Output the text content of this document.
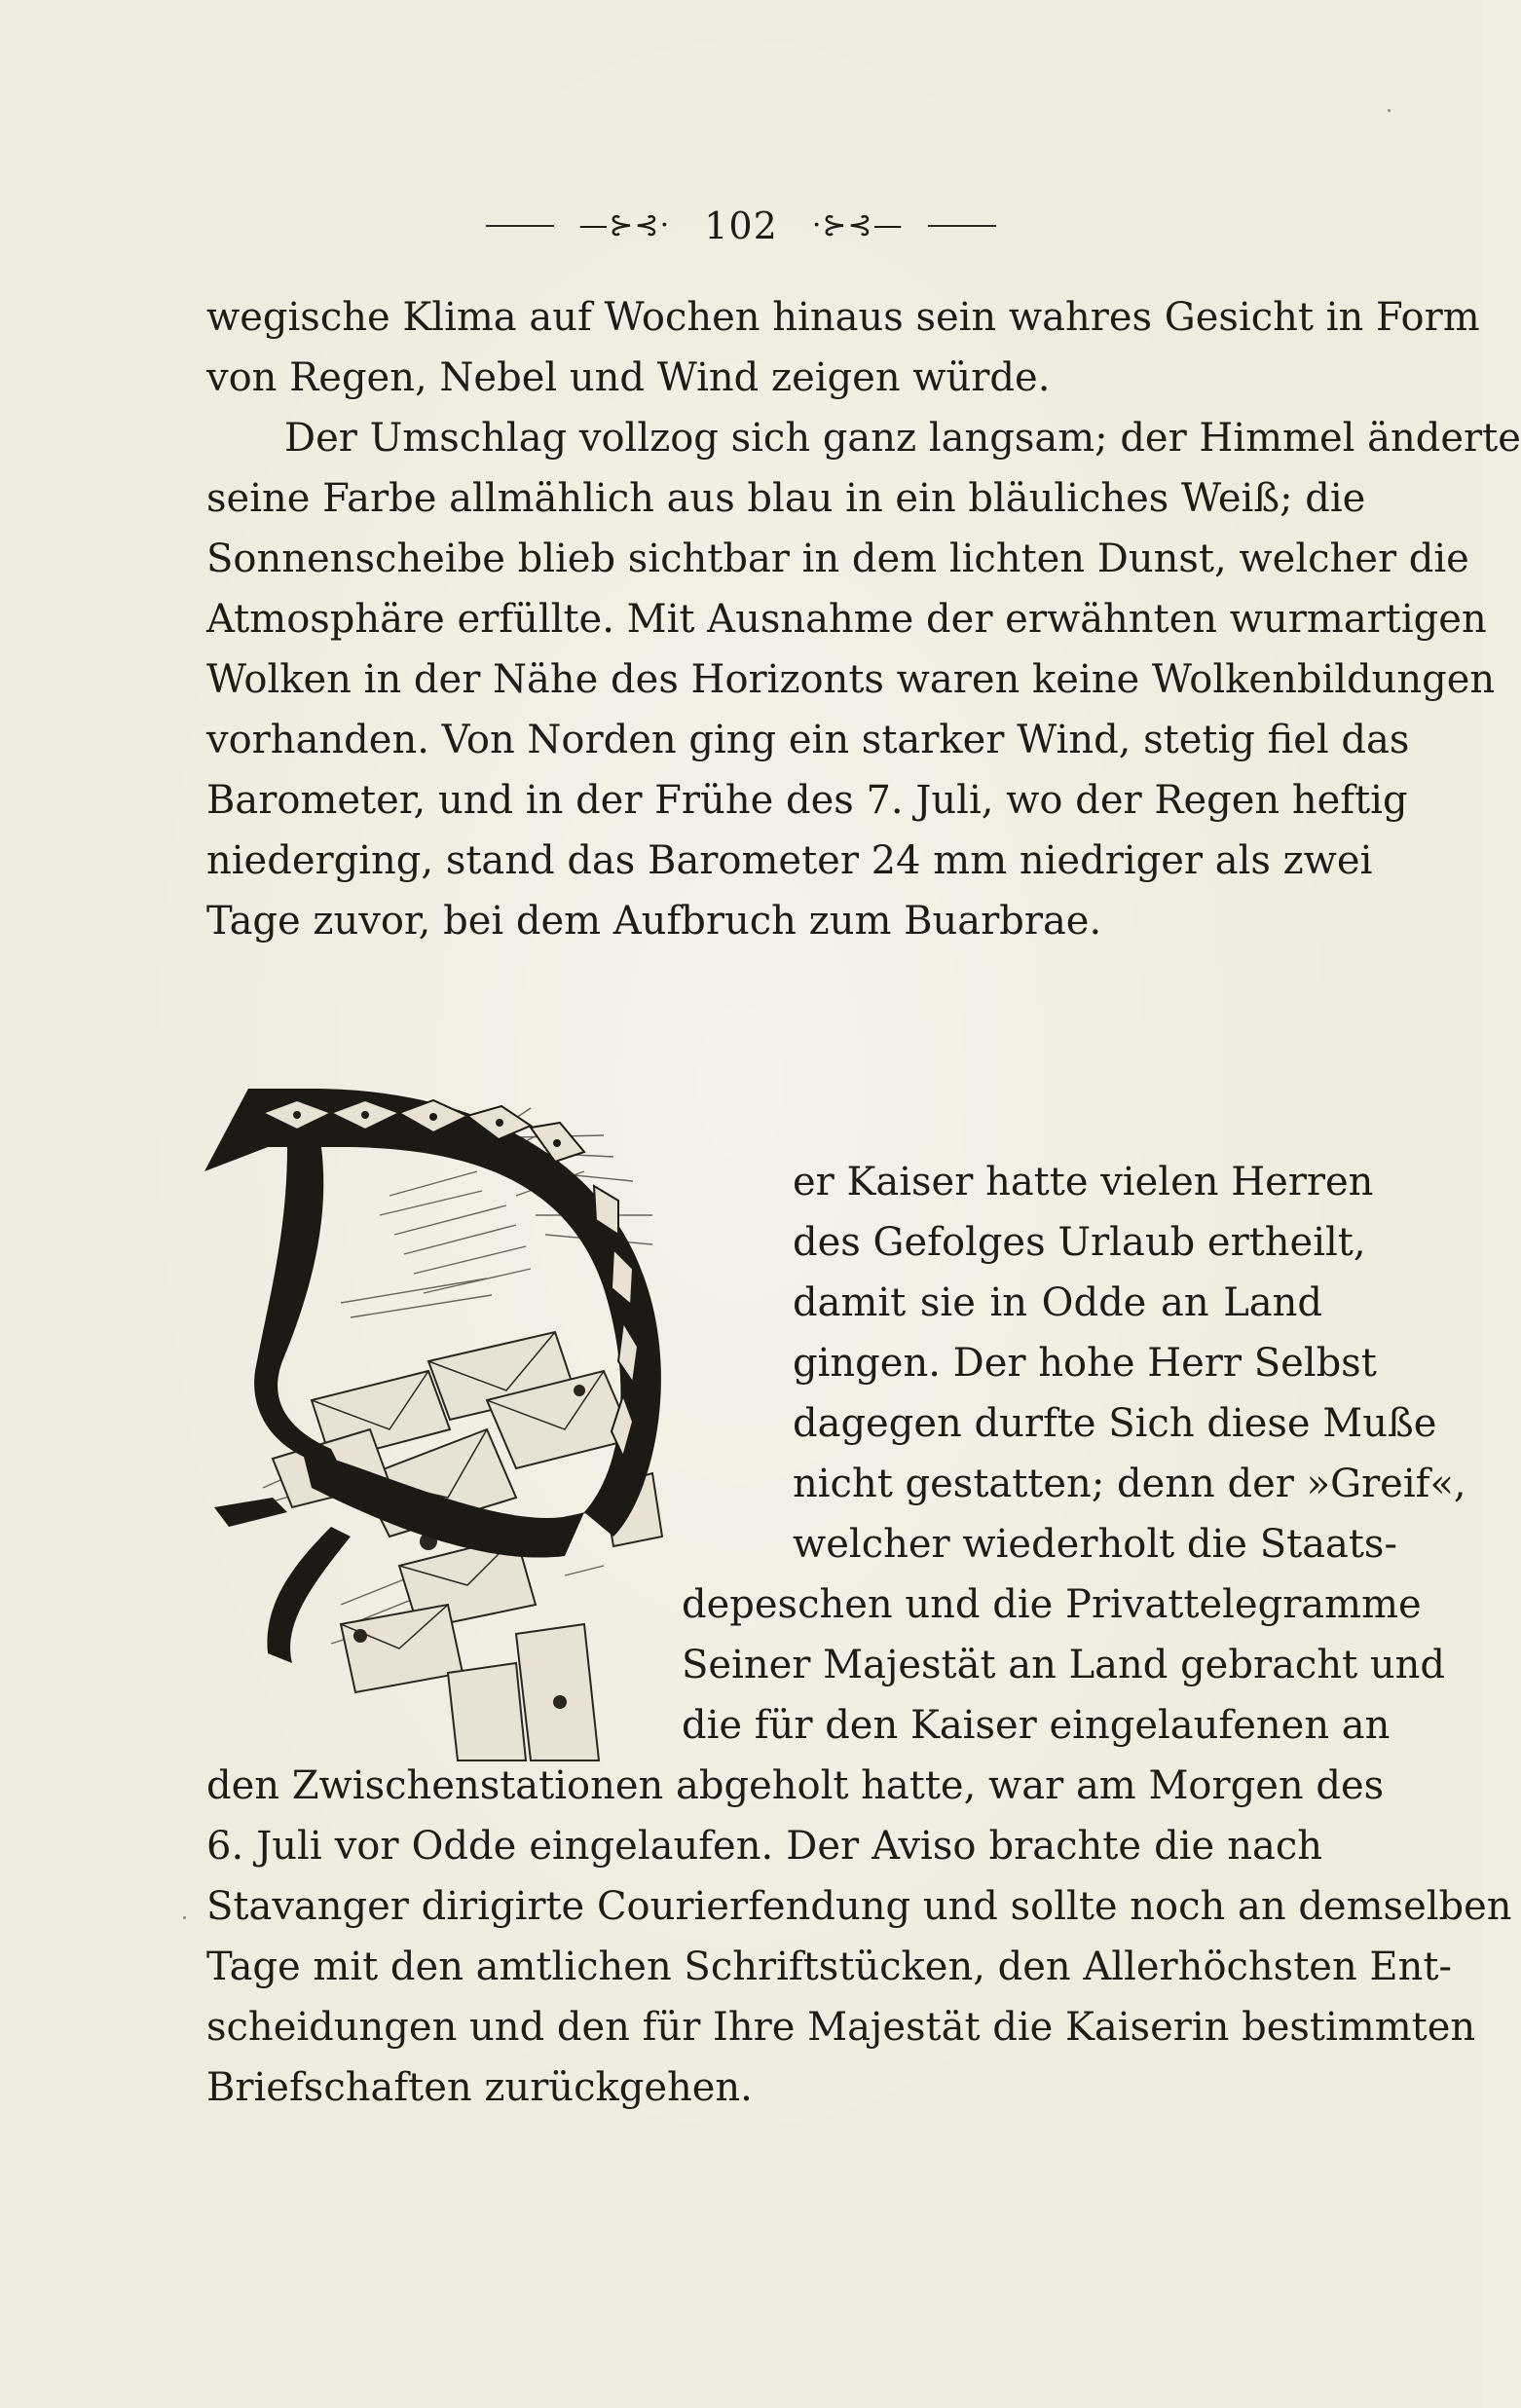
—⊱⊰· 102 ·⊱⊰—
wegische Klima auf Wochen hinaus sein wahres Gesicht in Form
von Regen, Nebel und Wind zeigen würde.
Der Umschlag vollzog sich ganz langsam; der Himmel änderte
seine Farbe allmählich aus blau in ein bläuliches Weiß; die
Sonnenscheibe blieb sichtbar in dem lichten Dunst, welcher die
Atmosphäre erfüllte. Mit Ausnahme der erwähnten wurmartigen
Wolken in der Nähe des Horizonts waren keine Wolkenbildungen
vorhanden. Von Norden ging ein starker Wind, stetig fiel das
Barometer, und in der Frühe des 7. Juli, wo der Regen heftig
niederging, stand das Barometer 24 mm niedriger als zwei
Tage zuvor, bei dem Aufbruch zum Buarbrae.
er Kaiser hatte vielen Herren
des Gefolges Urlaub ertheilt,
damit sie in Odde an Land
gingen. Der hohe Herr Selbst
dagegen durfte Sich diese Muße
nicht gestatten; denn der »Greif«,
welcher wiederholt die Staats-
depeschen und die Privattelegramme
Seiner Majestät an Land gebracht und
die für den Kaiser eingelaufenen an
den Zwischenstationen abgeholt hatte, war am Morgen des
6. Juli vor Odde eingelaufen. Der Aviso brachte die nach
Stavanger dirigirte Courierfendung und sollte noch an demselben
Tage mit den amtlichen Schriftstücken, den Allerhöchsten Ent-
scheidungen und den für Ihre Majestät die Kaiserin bestimmten
Briefschaften zurückgehen.
